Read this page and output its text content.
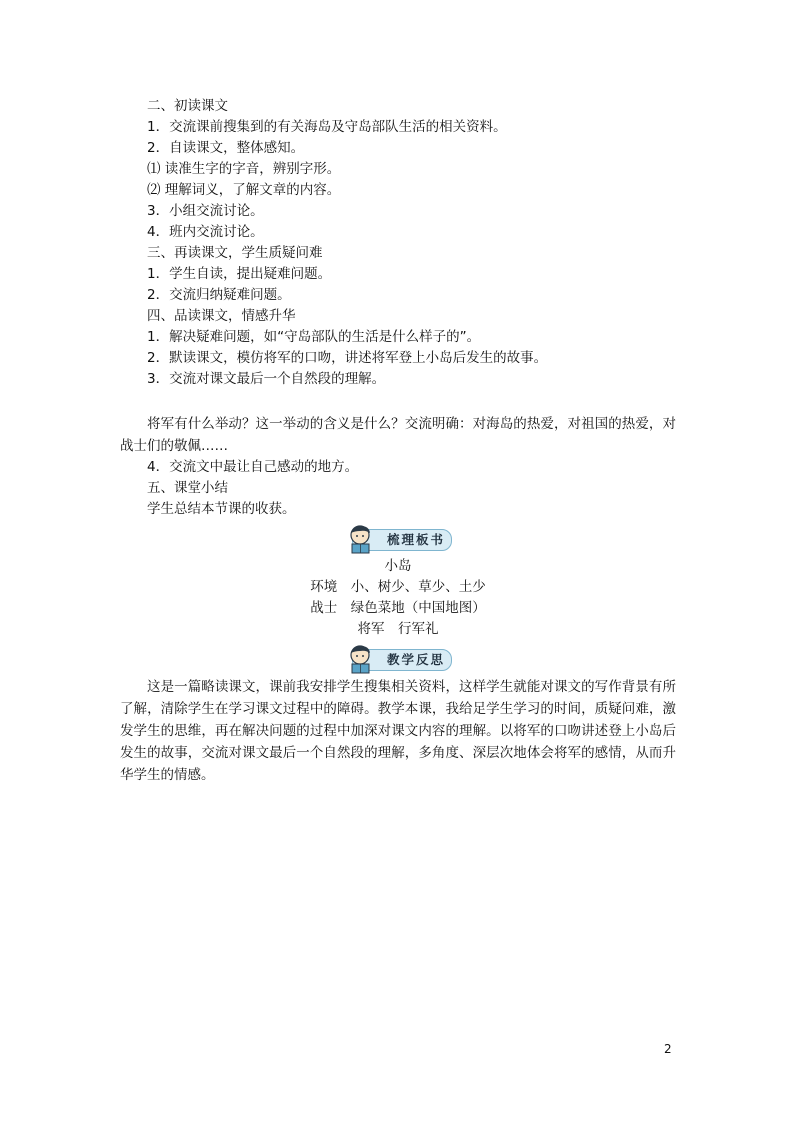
二、初读课文
1．交流课前搜集到的有关海岛及守岛部队生活的相关资料。
2．自读课文，整体感知。
⑴ 读准生字的字音，辨别字形。
⑵ 理解词义，了解文章的内容。
3．小组交流讨论。
4．班内交流讨论。
三、再读课文，学生质疑问难
1．学生自读，提出疑难问题。
2．交流归纳疑难问题。
四、品读课文，情感升华
1．解决疑难问题，如“守岛部队的生活是什么样子的”。
2．默读课文，模仿将军的口吻，讲述将军登上小岛后发生的故事。
3．交流对课文最后一个自然段的理解。
将军有什么举动？这一举动的含义是什么？交流明确：对海岛的热爱，对祖国的热爱，对战士们的敬佩……
4．交流文中最让自己感动的地方。
五、课堂小结
学生总结本节课的收获。
梳理板书
小岛
环境　小、树少、草少、土少
战士　绿色菜地（中国地图）
将军　行军礼
教学反思
这是一篇略读课文，课前我安排学生搜集相关资料，这样学生就能对课文的写作背景有所了解，清除学生在学习课文过程中的障碍。教学本课，我给足学生学习的时间，质疑问难，激发学生的思维，再在解决问题的过程中加深对课文内容的理解。以将军的口吻讲述登上小岛后发生的故事，交流对课文最后一个自然段的理解，多角度、深层次地体会将军的感情，从而升华学生的情感。
2
